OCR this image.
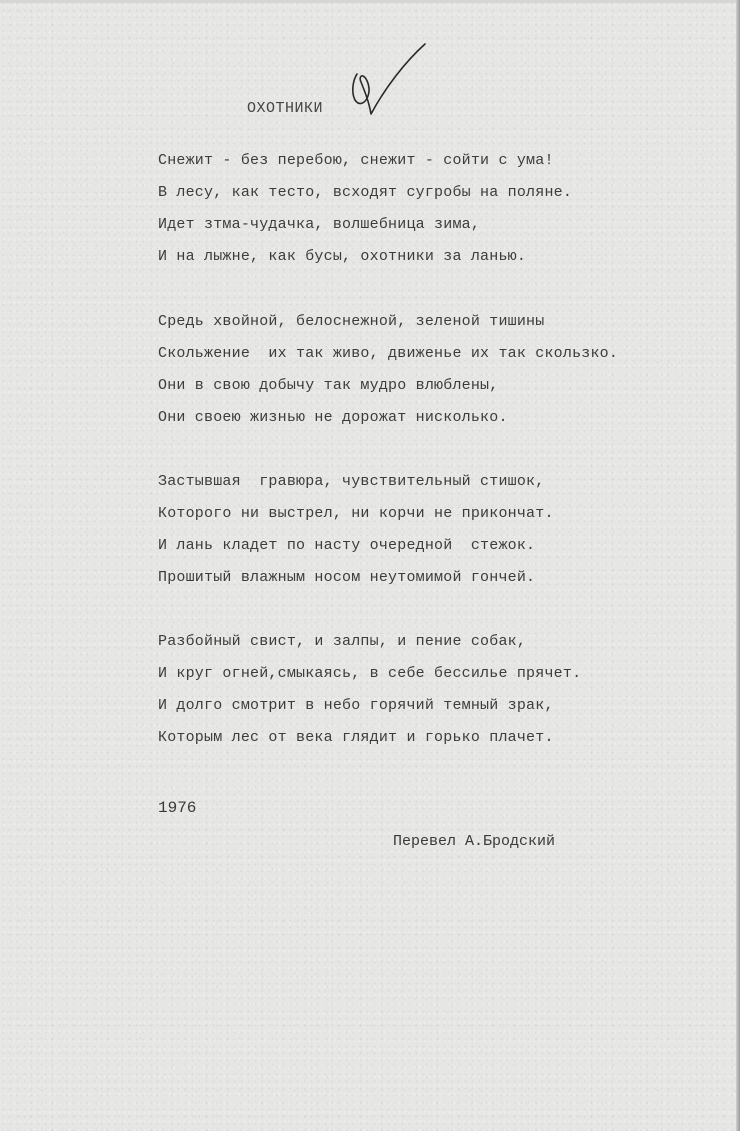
ОХОТНИКИ
Снежит - без перебою, снежит - сойти с ума!
В лесу, как тесто, всходят сугробы на поляне.
Идет зтма-чудачка, волшебница зима,
И на лыжне, как бусы, охотники за ланью.
Средь хвойной, белоснежной, зеленой тишины
Скольжение  их так живо, движенье их так скользко.
Они в свою добычу так мудро влюблены,
Они своею жизнью не дорожат нисколько.
Застывшая  гравюра, чувствительный стишок,
Которого ни выстрел, ни корчи не прикончат.
И лань кладет по насту очередной  стежок.
Прошитый влажным носом неутомимой гончей.
Разбойный свист, и залпы, и пение собак,
И круг огней,смыкаясь, в себе бессилье прячет.
И долго смотрит в небо горячий темный зрак,
Которым лес от века глядит и горько плачет.
1976
Перевел А.Бродский
